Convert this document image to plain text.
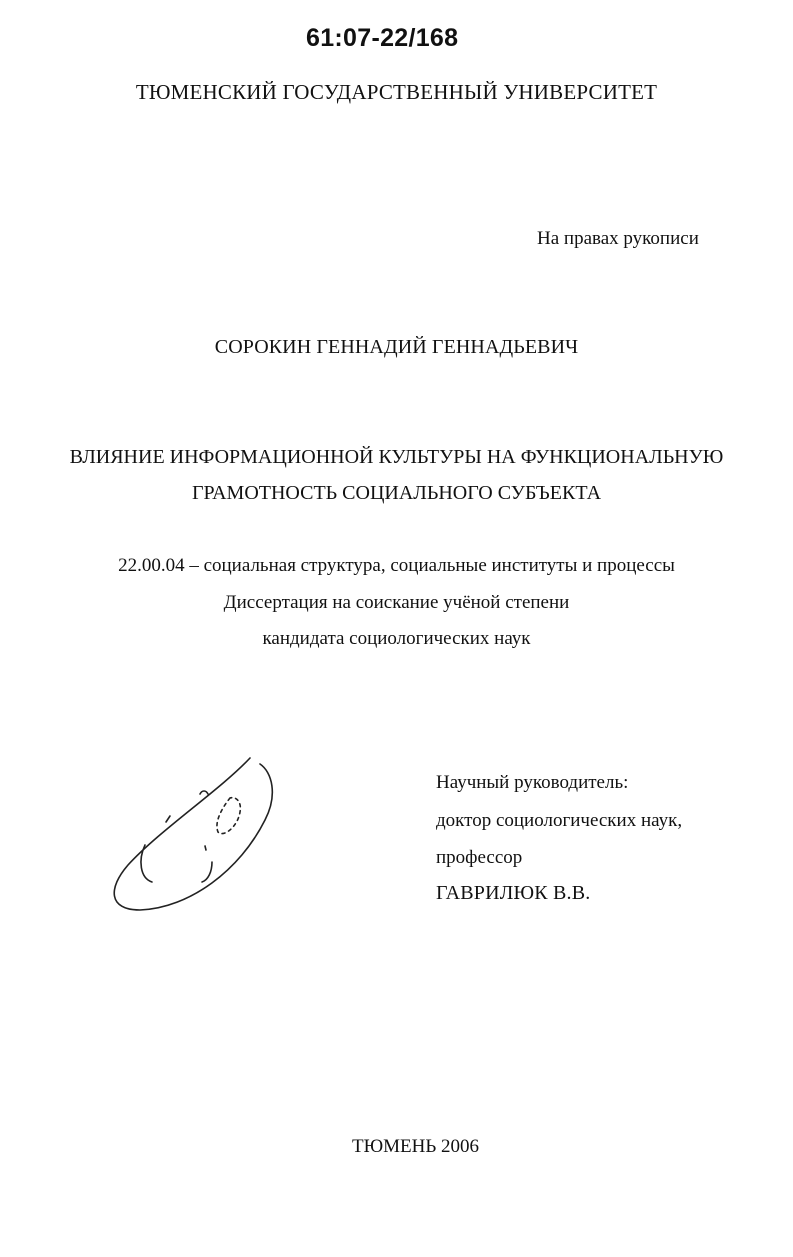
61:07-22/168

ТЮМЕНСКИЙ ГОСУДАРСТВЕННЫЙ УНИВЕРСИТЕТ

На правах рукописи

СОРОКИН ГЕННАДИЙ ГЕННАДЬЕВИЧ

ВЛИЯНИЕ ИНФОРМАЦИОННОЙ КУЛЬТУРЫ НА ФУНКЦИОНАЛЬНУЮ

ГРАМОТНОСТЬ СОЦИАЛЬНОГО СУБЪЕКТА

22.00.04 – социальная структура, социальные институты и процессы

Диссертация на соискание учёной степени

кандидата социологических наук

Научный руководитель:

доктор социологических наук,

профессор

ГАВРИЛЮК В.В.

ТЮМЕНЬ 2006
